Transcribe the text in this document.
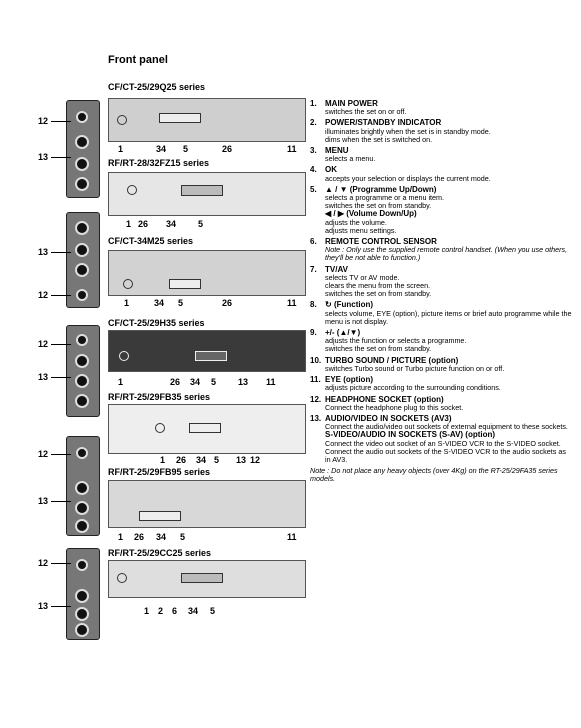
Front panel
12
13
13
12
12
13
12
13
12
13
CF/CT-25/29Q25 series
1	34 5	26	11
RF/RT-28/32FZ15 series
1 26 34 5
CF/CT-34M25 series
1	34 5	26	11
CF/CT-25/29H35 series
1	26 34 5 13 11
RF/RT-25/29FB35 series
1 26 34 5 13 12
RF/RT-25/29FB95 series
1 26 34 5	11
RF/RT-25/29CC25 series
1 2 6 34 5
1. MAIN POWER
switches the set on or off.
2. POWER/STANDBY INDICATOR
illuminates brightly when the set is in standby mode.
dims when the set is switched on.
3. MENU
selects a menu.
4. OK
accepts your selection or displays the current mode.
5. ▲ / ▼ (Programme Up/Down)
selects a programme or a menu item.
switches the set on from standby.
◀ / ▶ (Volume Down/Up)
adjusts the volume.
adjusts menu settings.
6. REMOTE CONTROL SENSOR
Note : Only use the supplied remote control handset. (When you use others, they'll be not able to function.)
7. TV/AV
selects TV or AV mode.
clears the menu from the screen.
switches the set on from standby.
8. ↻ (Function)
selects volume, EYE (option), picture items or brief auto programme while the menu is not display.
9. +/- (▲/▼)
adjusts the function or selects a programme.
switches the set on from standby.
10. TURBO SOUND / PICTURE (option)
switches Turbo sound or Turbo picture function on or off.
11. EYE (option)
adjusts picture according to the surrounding conditions.
12. HEADPHONE SOCKET (option)
Connect the headphone plug to this socket.
13. AUDIO/VIDEO IN SOCKETS (AV3)
Connect the audio/video out sockets of external equipment to these sockets.
S-VIDEO/AUDIO IN SOCKETS (S-AV) (option)
Connect the video out socket of an S-VIDEO VCR to the S-VIDEO socket.
Connect the audio out sockets of the S-VIDEO VCR to the audio sockets as in AV3.
Note : Do not place any heavy objects (over 4Kg) on the RT-25/29FA35 series models.
